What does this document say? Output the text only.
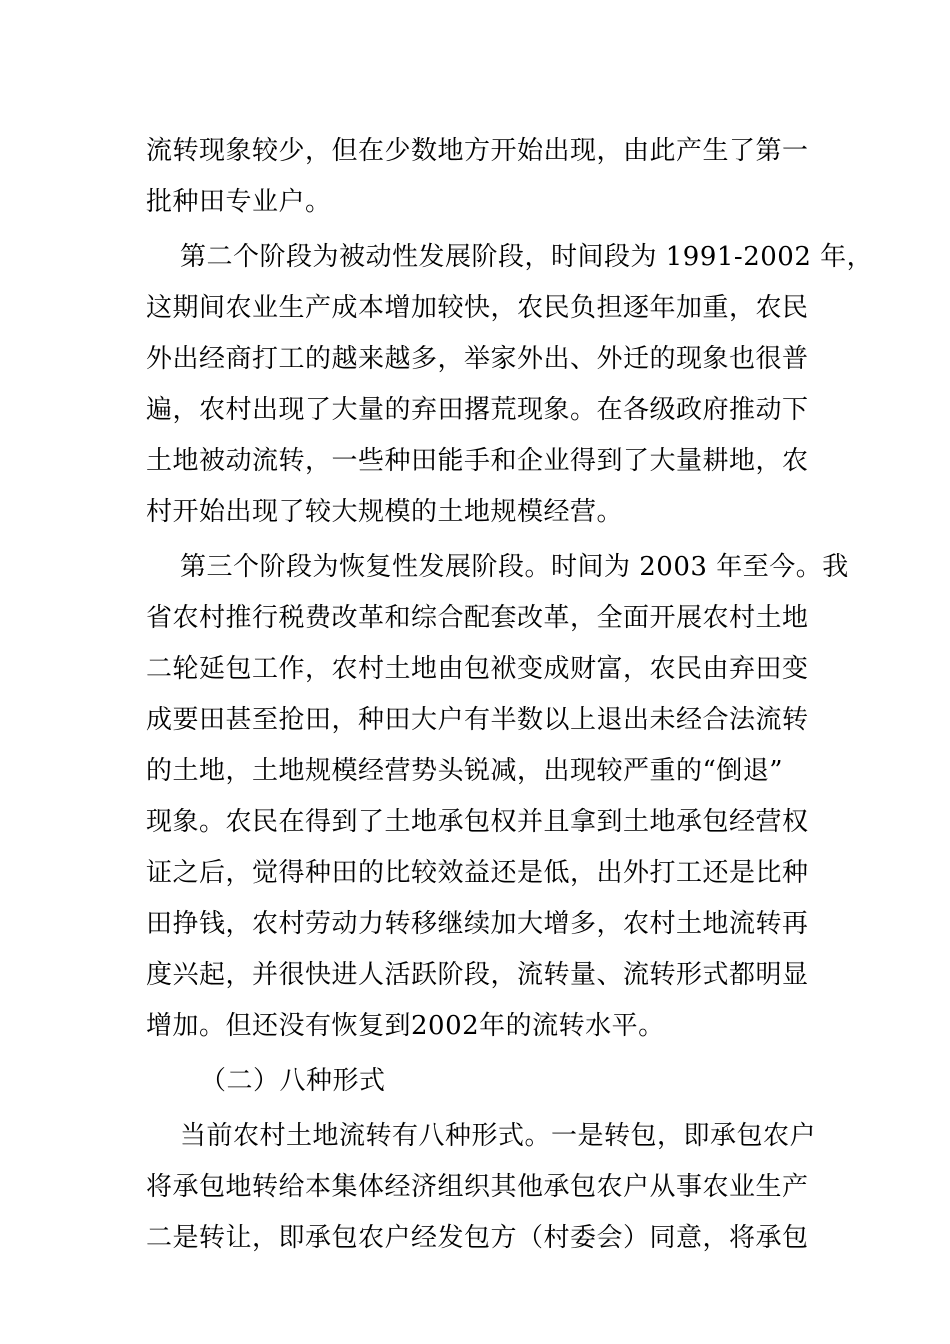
流转现象较少，但在少数地方开始出现，由此产生了第一
批种田专业户。
第二个阶段为被动性发展阶段，时间段为 1991-2002 年，
这期间农业生产成本增加较快，农民负担逐年加重，农民
外出经商打工的越来越多，举家外出、外迁的现象也很普
遍，农村出现了大量的弃田撂荒现象。在各级政府推动下
土地被动流转，一些种田能手和企业得到了大量耕地，农
村开始出现了较大规模的土地规模经营。
第三个阶段为恢复性发展阶段。时间为 2003 年至今。我
省农村推行税费改革和综合配套改革，全面开展农村土地
二轮延包工作，农村土地由包袱变成财富，农民由弃田变
成要田甚至抢田，种田大户有半数以上退出未经合法流转
的土地，土地规模经营势头锐减，出现较严重的“倒退”
现象。农民在得到了土地承包权并且拿到土地承包经营权
证之后，觉得种田的比较效益还是低，出外打工还是比种
田挣钱，农村劳动力转移继续加大增多，农村土地流转再
度兴起，并很快进人活跃阶段，流转量、流转形式都明显
增加。但还没有恢复到2002年的流转水平。
（二）八种形式
当前农村土地流转有八种形式。一是转包，即承包农户
将承包地转给本集体经济组织其他承包农户从事农业生产
二是转让，即承包农户经发包方（村委会）同意，将承包
